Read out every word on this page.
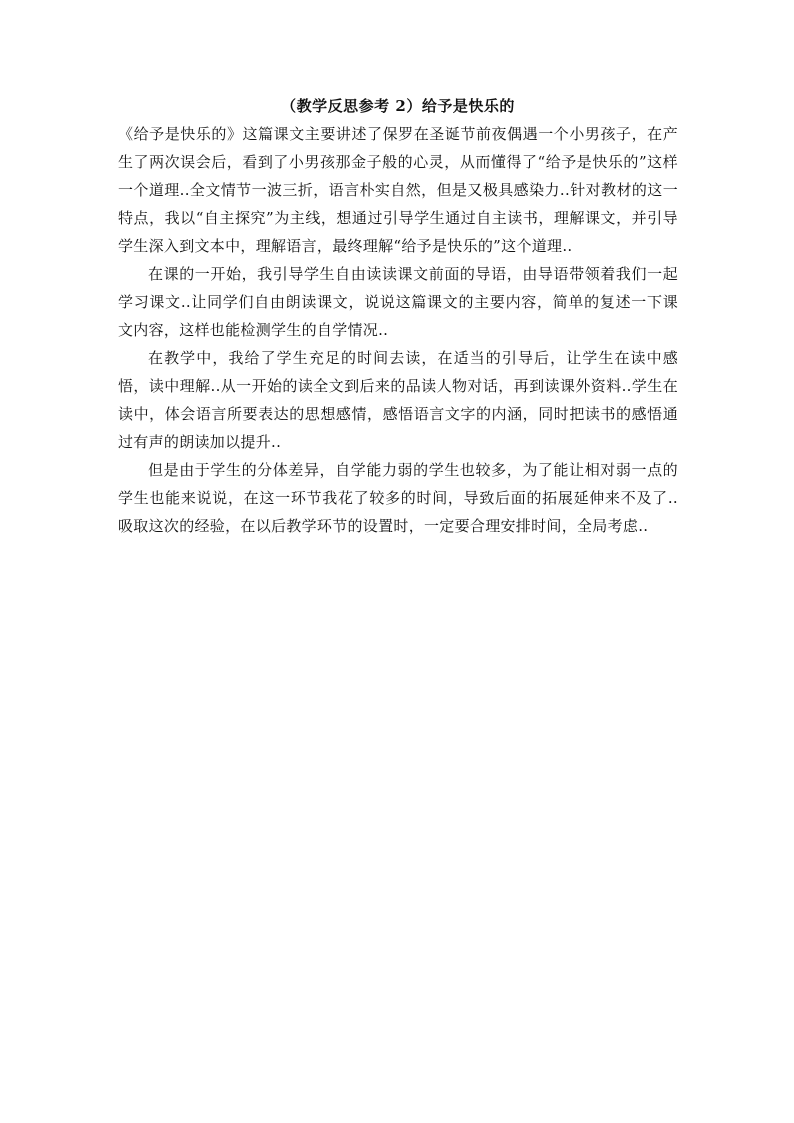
（教学反思参考 2）给予是快乐的

《给予是快乐的》这篇课文主要讲述了保罗在圣诞节前夜偶遇一个小男孩子，在产生了两次误会后，看到了小男孩那金子般的心灵，从而懂得了“给予是快乐的”这样一个道理..全文情节一波三折，语言朴实自然，但是又极具感染力..针对教材的这一特点，我以“自主探究”为主线，想通过引导学生通过自主读书，理解课文，并引导学生深入到文本中，理解语言，最终理解“给予是快乐的”这个道理..

在课的一开始，我引导学生自由读读课文前面的导语，由导语带领着我们一起学习课文..让同学们自由朗读课文，说说这篇课文的主要内容，简单的复述一下课文内容，这样也能检测学生的自学情况..

在教学中，我给了学生充足的时间去读，在适当的引导后，让学生在读中感悟，读中理解..从一开始的读全文到后来的品读人物对话，再到读课外资料..学生在读中，体会语言所要表达的思想感情，感悟语言文字的内涵，同时把读书的感悟通过有声的朗读加以提升..

但是由于学生的分体差异，自学能力弱的学生也较多，为了能让相对弱一点的学生也能来说说，在这一环节我花了较多的时间，导致后面的拓展延伸来不及了..吸取这次的经验，在以后教学环节的设置时，一定要合理安排时间，全局考虑..
